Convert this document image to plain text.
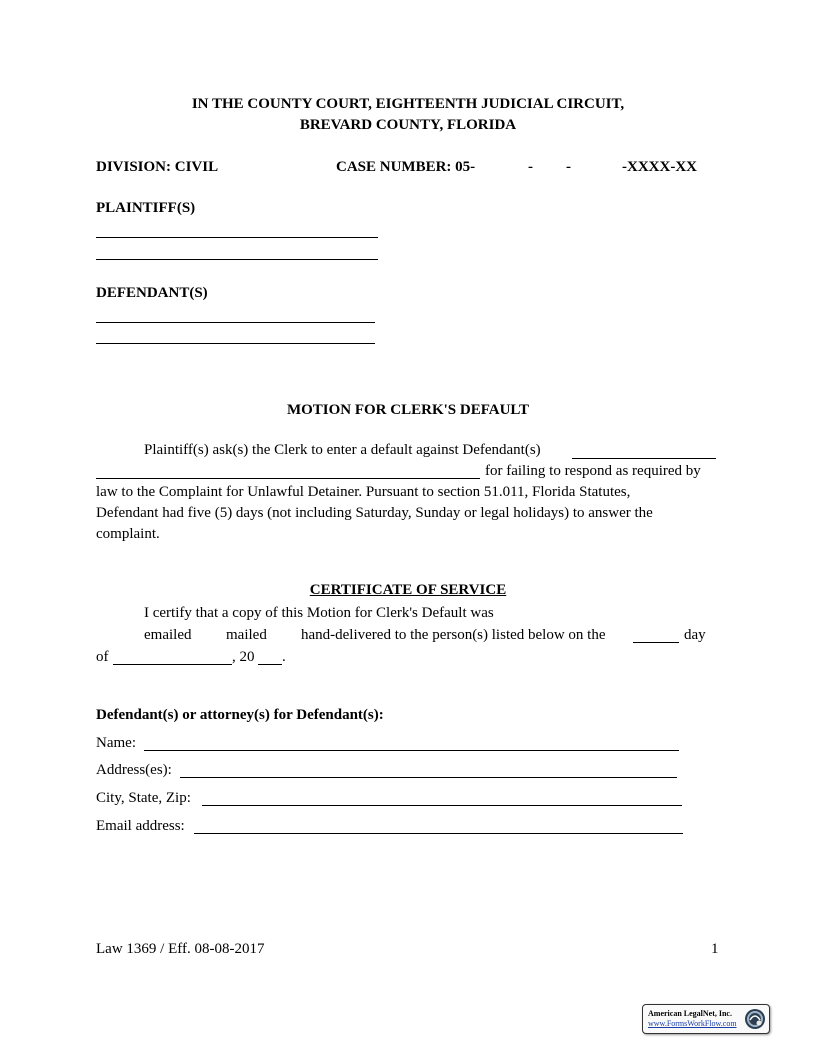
IN THE COUNTY COURT, EIGHTEENTH JUDICIAL CIRCUIT,
BREVARD COUNTY, FLORIDA
DIVISION: CIVIL	CASE NUMBER: 05-	- -	-XXXX-XX
PLAINTIFF(S)
DEFENDANT(S)
MOTION FOR CLERK'S DEFAULT
Plaintiff(s) ask(s) the Clerk to enter a default against Defendant(s)
for failing to respond as required by
law to the Complaint for Unlawful Detainer. Pursuant to section 51.011, Florida Statutes,
Defendant had five (5) days (not including Saturday, Sunday or legal holidays) to answer the
complaint.
CERTIFICATE OF SERVICE
I certify that a copy of this Motion for Clerk's Default was
emailed mailed hand-delivered to the person(s) listed below on the	day
of	, 20 .
Defendant(s) or attorney(s) for Defendant(s):
Name:
Address(es):
City, State, Zip:
Email address:
Law 1369 / Eff. 08-08-2017	1
American LegalNet, Inc.
www.FormsWorkFlow.com
